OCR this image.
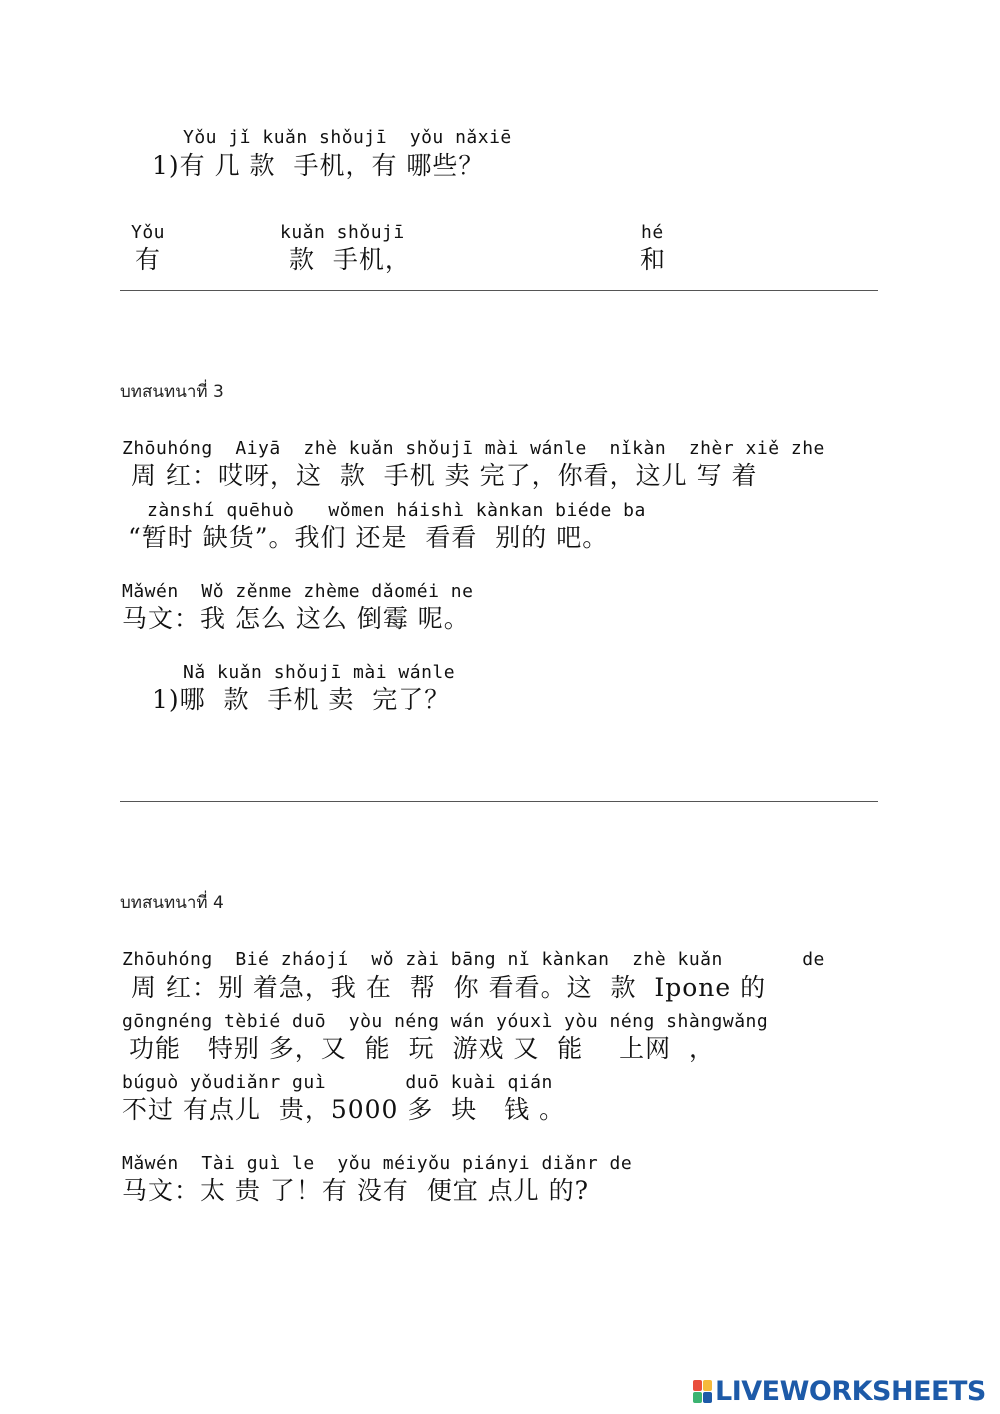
Yǒu jǐ kuǎn shǒujī  yǒu nǎxiē
1)有 几 款  手机，有 哪些？
Yǒu
有
kuǎn shǒujī
款  手机，
hé
和
บทสนทนาที่ 3
Zhōuhóng  Aiyā  zhè kuǎn shǒujī mài wánle  nǐkàn  zhèr xiě zhe
周 红：哎呀，这  款  手机 卖 完了，你看，这儿 写 着
zànshí quēhuò   wǒmen háishì kànkan biéde ba
“暂时 缺货”。我们 还是  看看  别的 吧。
Mǎwén  Wǒ zěnme zhème dǎoméi ne
马文：我 怎么 这么 倒霉 呢。
Nǎ kuǎn shǒujī mài wánle
1)哪  款  手机 卖  完了？
บทสนทนาที่ 4
Zhōuhóng  Bié zháojí  wǒ zài bāng nǐ kànkan  zhè kuǎn       de
周 红：别 着急，我 在  帮  你 看看。这  款  Ipone 的
gōngnéng tèbié duō  yòu néng wán yóuxì yòu néng shàngwǎng
功能   特别 多，又  能  玩  游戏 又  能    上网  ，
búguò yǒudiǎnr guì       duō kuài qián
不过 有点儿  贵，5000 多  块   钱 。
Mǎwén  Tài guì le  yǒu méiyǒu piányi diǎnr de
马文：太 贵 了！有 没有  便宜 点儿 的?
LIVEWORKSHEETS
